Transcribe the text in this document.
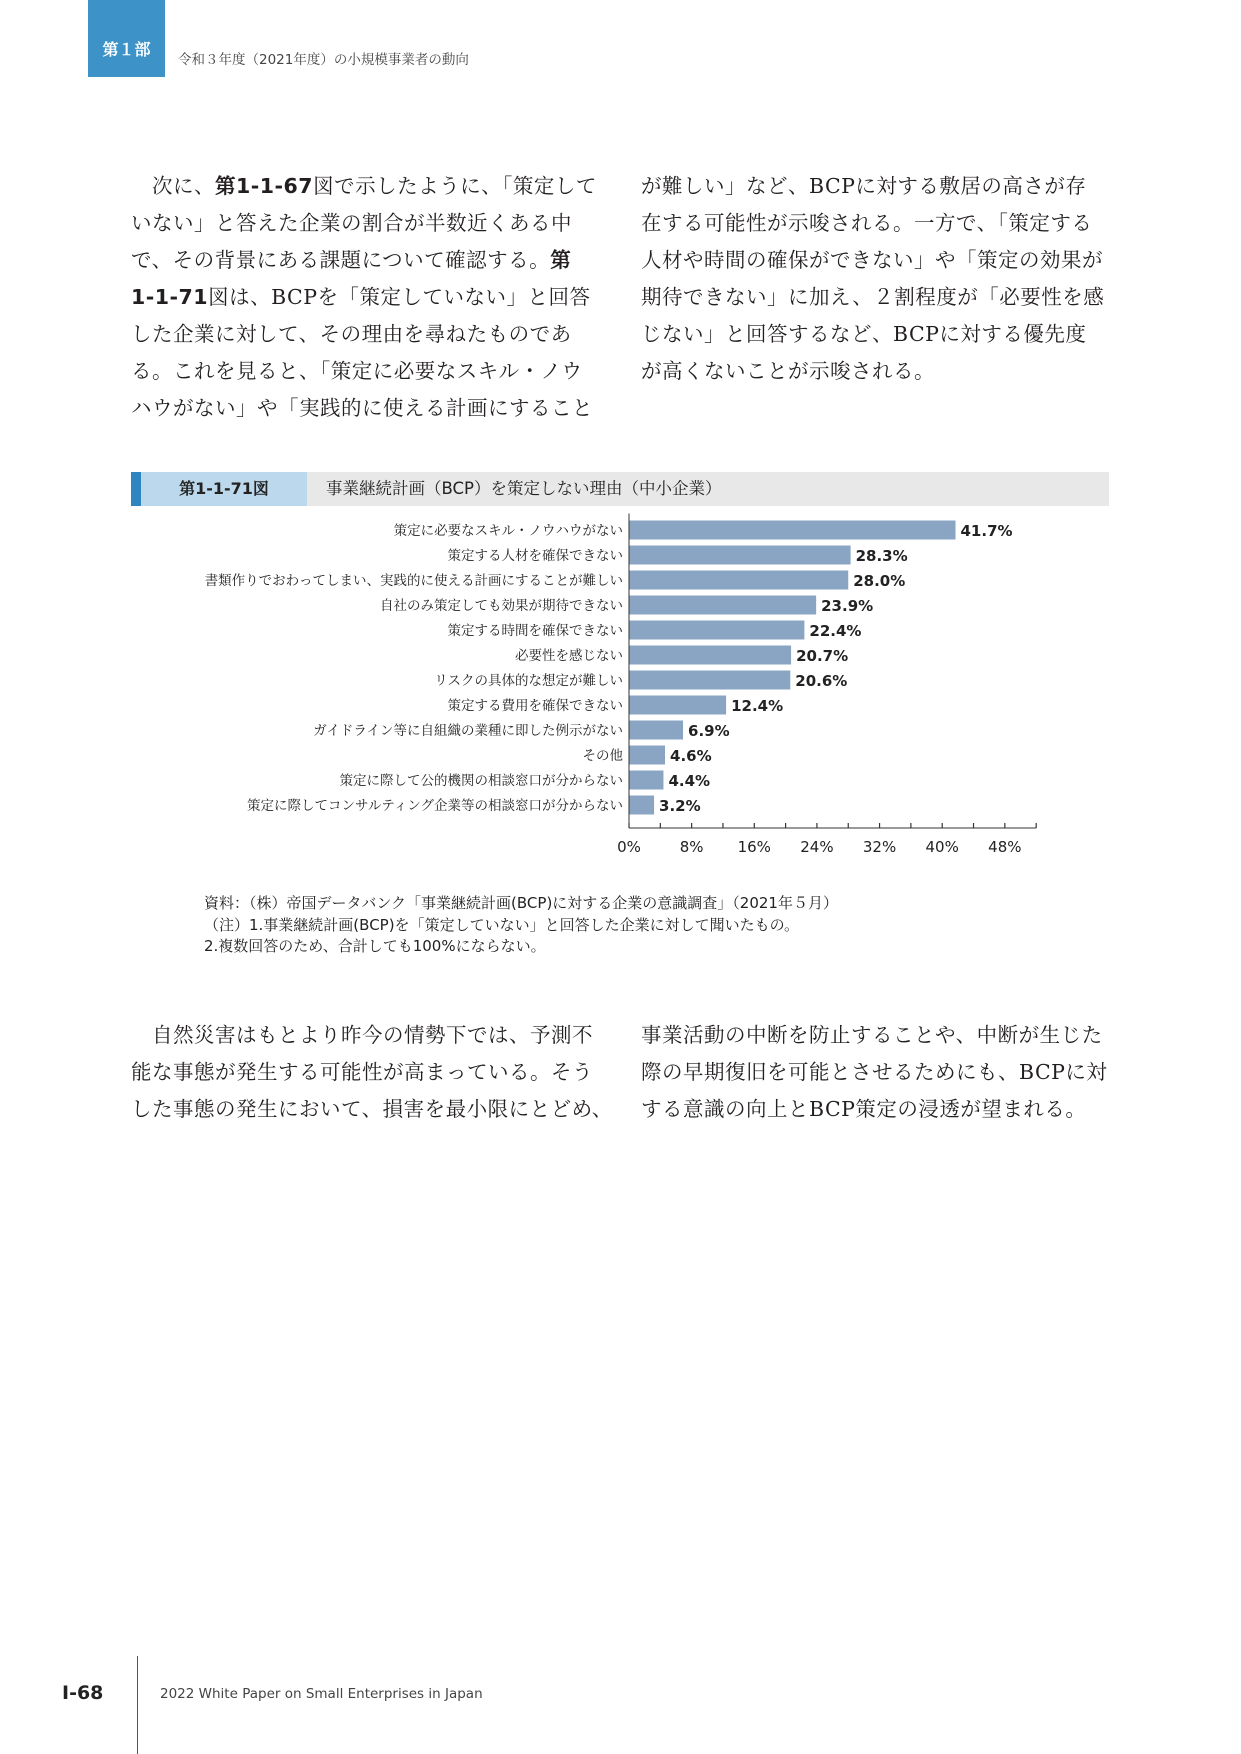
第１部
令和３年度（2021年度）の小規模事業者の動向
　次に、第1-1-67図で示したように、「策定して
いない」と答えた企業の割合が半数近くある中
で、その背景にある課題について確認する。第
1-1-71図は、BCPを「策定していない」と回答
した企業に対して、その理由を尋ねたものであ
る。これを見ると、「策定に必要なスキル・ノウ
ハウがない」や「実践的に使える計画にすること
が難しい」など、BCPに対する敷居の高さが存
在する可能性が示唆される。一方で、「策定する
人材や時間の確保ができない」や「策定の効果が
期待できない」に加え、２割程度が「必要性を感
じない」と回答するなど、BCPに対する優先度
が高くないことが示唆される。
第1-1-71図	事業継続計画（BCP）を策定しない理由（中小企業）
策定に必要なスキル・ノウハウがない	41.7%
策定する人材を確保できない	28.3%
書類作りでおわってしまい、実践的に使える計画にすることが難しい	28.0%
自社のみ策定しても効果が期待できない	23.9%
策定する時間を確保できない	22.4%
必要性を感じない	20.7%
リスクの具体的な想定が難しい	20.6%
策定する費用を確保できない	12.4%
ガイドライン等に自組織の業種に即した例示がない	6.9%
その他	4.6%
策定に際して公的機関の相談窓口が分からない	4.4%
策定に際してコンサルティング企業等の相談窓口が分からない 3.2%
0%	8% 16% 24% 32% 40% 48%
資料：（株）帝国データバンク「事業継続計画(BCP)に対する企業の意識調査」（2021年５月）
（注）1.事業継続計画(BCP)を「策定していない」と回答した企業に対して聞いたもの。
2.複数回答のため、合計しても100%にならない。
　自然災害はもとより昨今の情勢下では、予測不
能な事態が発生する可能性が高まっている。そう
した事態の発生において、損害を最小限にとどめ、
事業活動の中断を防止することや、中断が生じた
際の早期復旧を可能とさせるためにも、BCPに対
する意識の向上とBCP策定の浸透が望まれる。
I-68	2022 White Paper on Small Enterprises in Japan
